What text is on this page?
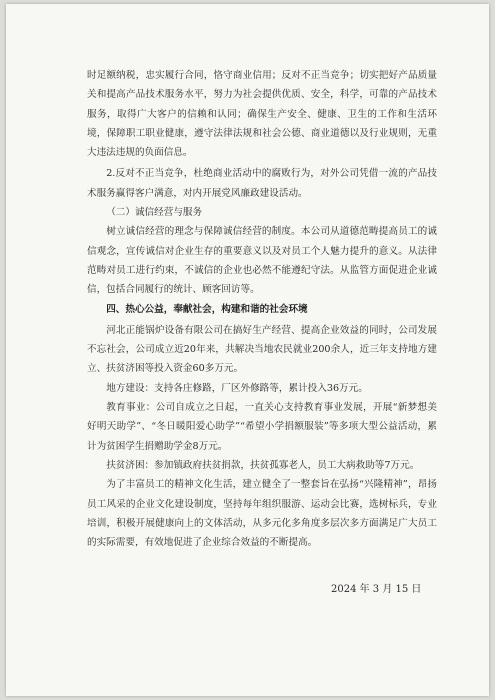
时足额纳税，忠实履行合同，恪守商业信用；反对不正当竞争；切实把好产品质量关和提高产品技术服务水平，努力为社会提供优质、安全，科学，可靠的产品技术服务，取得广大客户的信赖和认同；确保生产安全、健康、卫生的工作和生活环境，保障职工职业健康，遵守法律法规和社会公德、商业道德以及行业规则，无重大违法违规的负面信息。

2.反对不正当竞争，杜绝商业活动中的腐败行为，对外公司凭借一流的产品技术服务赢得客户满意，对内开展党风廉政建设活动。

（二）诚信经营与服务

树立诚信经营的理念与保障诚信经营的制度。本公司从道德范畴提高员工的诚信观念，宣传诚信对企业生存的重要意义以及对员工个人魅力提升的意义。从法律范畴对员工进行约束，不诚信的企业也必然不能遵纪守法。从监管方面促进企业诚信，包括合同履行的统计、顾客回访等。

四、热心公益，奉献社会，构建和谐的社会环境

河北正能锅炉设备有限公司在搞好生产经营、提高企业效益的同时，公司发展不忘社会，公司成立近20年来，共解决当地农民就业200余人，近三年支持地方建立、扶贫济困等投入资金60多万元。

地方建设：支持各庄修路，厂区外修路等，累计投入36万元。

教育事业：公司自成立之日起，一直关心支持教育事业发展，开展“新梦想美好明天助学”、“冬日暖阳爱心助学”“希望小学捐额服装”等多项大型公益活动，累计为贫困学生捐赠助学金8万元。

扶贫济困：参加镇政府扶贫捐款，扶贫孤寡老人，员工大病救助等7万元。

为了丰富员工的精神文化生活，建立健全了一整套旨在弘扬“兴隆精神”，昂扬员工风采的企业文化建设制度，坚持每年组织服游、运动会比赛，选树标兵，专业培训，积极开展健康向上的文体活动，从多元化多角度多层次多方面满足广大员工的实际需要，有效地促进了企业综合效益的不断提高。

2024 年 3 月 15 日
